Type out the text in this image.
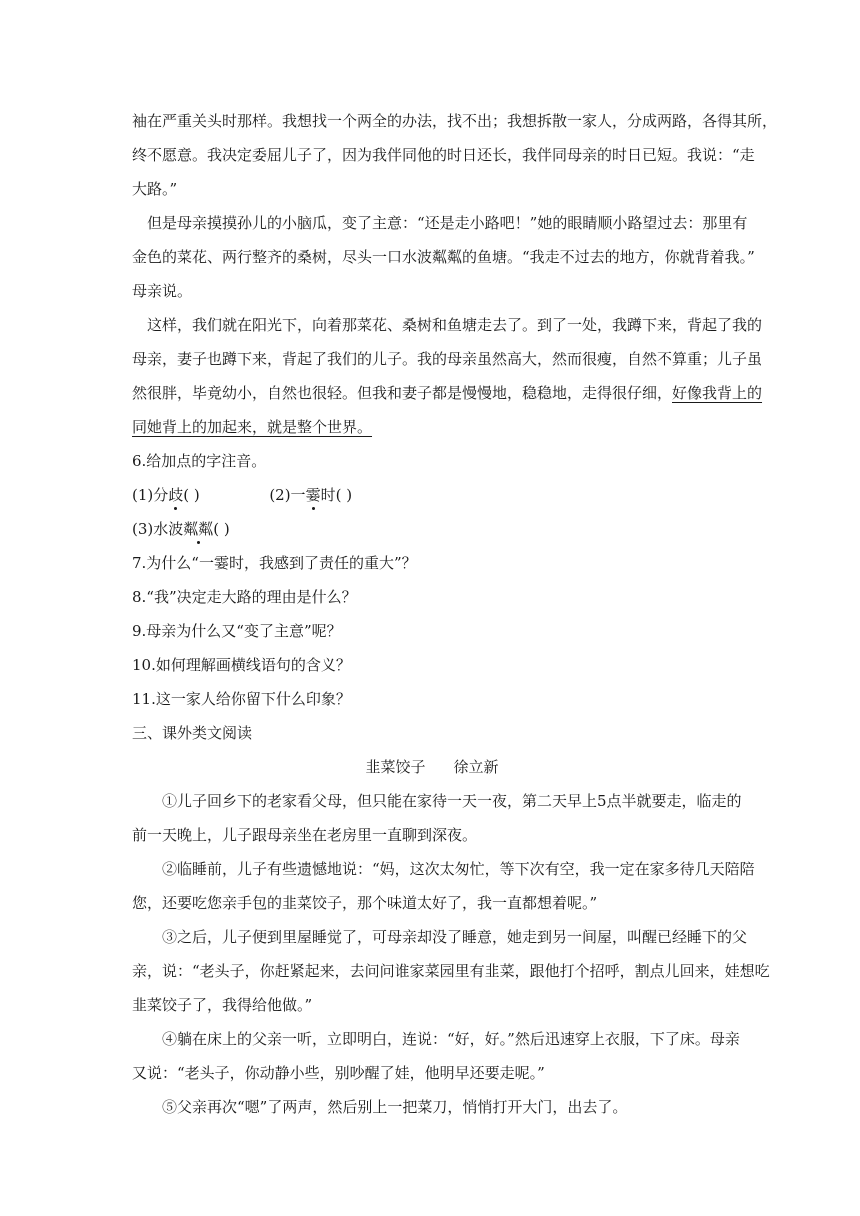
袖在严重关头时那样。我想找一个两全的办法，找不出；我想拆散一家人，分成两路，各得其所，
终不愿意。我决定委屈儿子了，因为我伴同他的时日还长，我伴同母亲的时日已短。我说：“走
大路。”
但是母亲摸摸孙儿的小脑瓜，变了主意：“还是走小路吧！”她的眼睛顺小路望过去：那里有
金色的菜花、两行整齐的桑树，尽头一口水波粼粼的鱼塘。“我走不过去的地方，你就背着我。”
母亲说。
这样，我们就在阳光下，向着那菜花、桑树和鱼塘走去了。到了一处，我蹲下来，背起了我的
母亲，妻子也蹲下来，背起了我们的儿子。我的母亲虽然高大，然而很瘦，自然不算重；儿子虽
然很胖，毕竟幼小，自然也很轻。但我和妻子都是慢慢地，稳稳地，走得很仔细，好像我背上的
同她背上的加起来，就是整个世界。
6.给加点的字注音。
(1)分歧( )	(2)一霎时( )
(3)水波粼粼( )
7.为什么“一霎时，我感到了责任的重大”？
8.“我”决定走大路的理由是什么？
9.母亲为什么又“变了主意”呢？
10.如何理解画横线语句的含义？
11.这一家人给你留下什么印象？
三、课外类文阅读
韭菜饺子 徐立新
①儿子回乡下的老家看父母，但只能在家待一天一夜，第二天早上5点半就要走，临走的
前一天晚上，儿子跟母亲坐在老房里一直聊到深夜。
②临睡前，儿子有些遗憾地说：“妈，这次太匆忙，等下次有空，我一定在家多待几天陪陪
您，还要吃您亲手包的韭菜饺子，那个味道太好了，我一直都想着呢。”
③之后，儿子便到里屋睡觉了，可母亲却没了睡意，她走到另一间屋，叫醒已经睡下的父
亲，说：“老头子，你赶紧起来，去问问谁家菜园里有韭菜，跟他打个招呼，割点儿回来，娃想吃
韭菜饺子了，我得给他做。”
④躺在床上的父亲一听，立即明白，连说：“好，好。”然后迅速穿上衣服，下了床。母亲
又说：“老头子，你动静小些，别吵醒了娃，他明早还要走呢。”
⑤父亲再次“嗯”了两声，然后别上一把菜刀，悄悄打开大门，出去了。
